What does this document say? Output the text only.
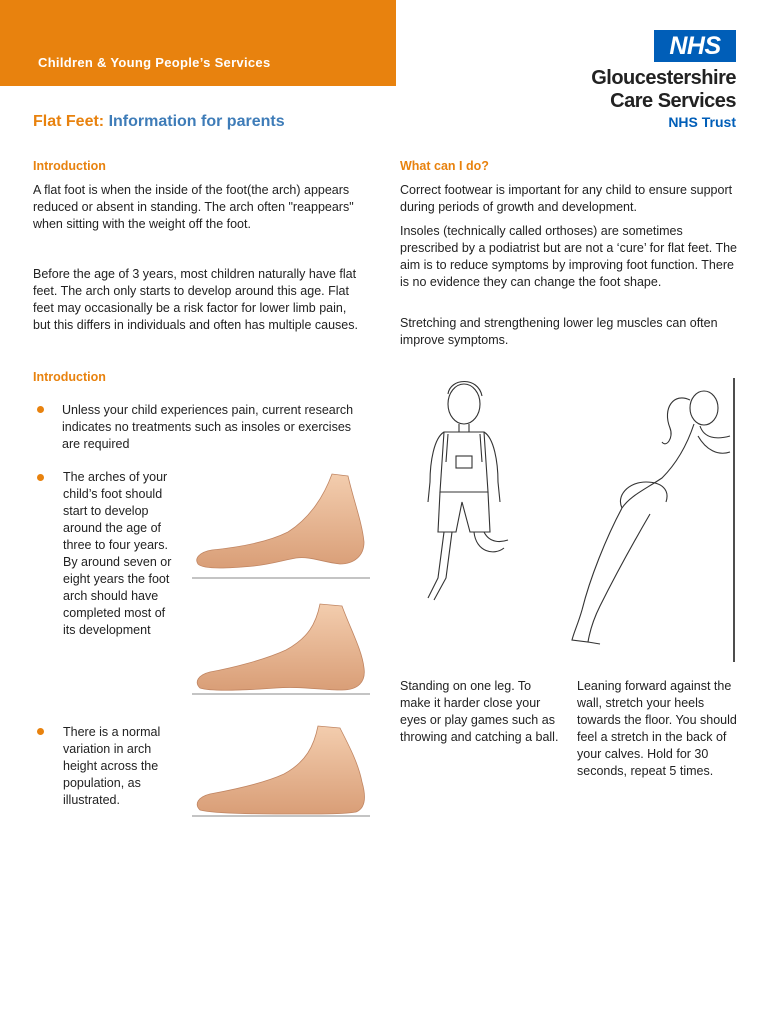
Children & Young People’s Services
NHS
Gloucestershire
Care Services
NHS Trust
Flat Feet: Information for parents
Introduction
A flat foot is when the inside of the foot(the arch) appears reduced or absent in standing. The arch often "reappears" when sitting with the weight off the foot.
Before the age of 3 years, most children naturally have flat feet. The arch only starts to develop around this age. Flat feet may occasionally be a risk factor for lower limb pain, but this differs in individuals and often has multiple causes.
Introduction
Unless your child experiences pain, current research indicates no treatments such as insoles or exercises are required
The arches of your child’s foot should start to develop around the age of three to four years. By around seven or eight years the foot arch should have completed most of its development
There is a normal variation in arch height across the population, as illustrated.
What can I do?
Correct footwear is important for any child to ensure support during periods of growth and development.
Insoles (technically called orthoses) are sometimes prescribed by a podiatrist but are not a ‘cure’ for flat feet. The aim is to reduce symptoms by improving foot function. There is no evidence they can change the foot shape.
Stretching and strengthening lower leg muscles can often improve symptoms.
Standing on one leg. To make it harder close your eyes or play games such as throwing and catching a ball.
Leaning forward against the wall, stretch your heels towards the floor. You should feel a stretch in the back of your calves. Hold for 30 seconds, repeat 5 times.
